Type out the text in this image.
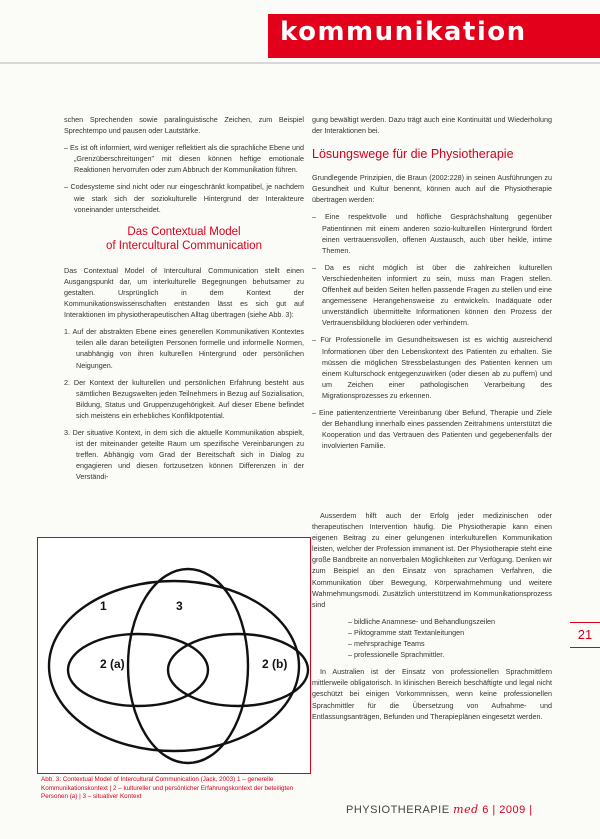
kommunikation

schen Sprechenden sowie paralinguistische Zeichen, zum Beispiel Sprechtempo und pausen oder Lautstärke.

– Es ist oft informiert, wird weniger reflektiert als die sprachliche Ebene und „Grenzüberschreitungen" mit diesen können heftige emotionale Reaktionen hervorrufen oder zum Abbruch der Kommunikation führen.

– Codesysteme sind nicht oder nur eingeschränkt kompatibel, je nachdem wie stark sich der soziokulturelle Hintergrund der Interakteure voneinander unterscheidet.

Das Contextual Model
of Intercultural Communication

Das Contextual Model of Intercultural Communication stellt einen Ausgangspunkt dar, um interkulturelle Begegnungen behutsamer zu gestalten. Ursprünglich in dem Kontext der Kommunikationswissenschaften entstanden lässt es sich gut auf Interaktionen im physiotherapeutischen Alltag übertragen (siehe Abb. 3):

1. Auf der abstrakten Ebene eines generellen Kommunikativen Kontextes teilen alle daran beteiligten Personen formelle und informelle Normen, unabhängig von ihren kulturellen Hintergrund oder persönlichen Neigungen.

2. Der Kontext der kulturellen und persönlichen Erfahrung besteht aus sämtlichen Bezugswelten jeden Teilnehmers in Bezug auf Sozialisation, Bildung, Status und Gruppenzugehörigkeit. Auf dieser Ebene befindet sich meistens ein erhebliches Konfliktpotential.

3. Der situative Kontext, in dem sich die aktuelle Kommunikation abspielt, ist der miteinander geteilte Raum um spezifische Vereinbarungen zu treffen. Abhängig vom Grad der Bereitschaft sich in Dialog zu engagieren und diesen fortzusetzen können Differenzen in der Verständi-

gung bewältigt werden. Dazu trägt auch eine Kontinuität und Wiederholung der Interaktionen bei.

Lösungswege für die Physiotherapie

Grundlegende Prinzipien, die Braun (2002:228) in seinen Ausführungen zu Gesundheit und Kultur benennt, können auch auf die Physiotherapie übertragen werden:

– Eine respektvolle und höfliche Gesprächshaltung gegenüber Patientinnen mit einem anderen sozio-kulturellen Hintergrund fördert einen vertrauensvollen, offenen Austausch, auch über heikle, intime Themen.

– Da es nicht möglich ist über die zahlreichen kulturellen Verschiedenheiten informiert zu sein, muss man Fragen stellen. Offenheit auf beiden Seiten helfen passende Fragen zu stellen und eine angemessene Herangehensweise zu entwickeln. Inadäquate oder unverständlich übermittelte Informationen können den Prozess der Vertrauensbildung blockieren oder verhindern.

– Für Professionelle im Gesundheitswesen ist es wichtig ausreichend Informationen über den Lebenskontext des Patienten zu erhalten. Sie müssen die möglichen Stressbelastungen des Patienten kennen um einem Kulturschock entgegenzuwirken (oder diesen ab zu puffern) und um Zeichen einer pathologischen Verarbeitung des Migrationsprozesses zu erkennen.

– Eine patientenzentrierte Vereinbarung über Befund, Therapie und Ziele der Behandlung innerhalb eines passenden Zeitrahmens unterstützt die Kooperation und das Vertrauen des Patienten und gegebenenfalls der involvierten Familie.

Ausserdem hilft auch der Erfolg jeder medizinischen oder therapeutischen Intervention häufig. Die Physiotherapie kann einen eigenen Beitrag zu einer gelungenen interkulturellen Kommunikation leisten, welcher der Profession immanent ist. Der Physiotherapie steht eine große Bandbreite an nonverbalen Möglichkeiten zur Verfügung. Denken wir zum Beispiel an den Einsatz von sprachamen Verfahren, die Kommunikation über Bewegung, Körperwahrnehmung und weitere Wahrnehmungsmodi. Zusätzlich unterstützend im Kommunikationsprozess sind

– bildliche Anamnese- und Behandlungszeilen

– Piktogramme statt Textanleitungen

– mehrsprachige Teams

– professionelle Sprachmittler.

In Australien ist der Einsatz von professionellen Sprachmittlern mittlerweile obligatorisch. In klinischen Bereich beschäftigte und legal nicht geschützt bei einigen Vorkommnissen, wenn keine professionellen Sprachmittler für die Übersetzung von Aufnahme- und Entlassungsanträgen, Befunden und Therapieplänen eingesetzt werden.

1	3
2 (a)	2 (b)
Abb. 3: Contextual Model of Intercultural Communication (Jack, 2003) 1 – generelle Kommunikationskontext | 2 – kultureller und persönlicher Erfahrungskontext der beteiligten Personen (a) | 3 – situativer Kontext
21
PHYSIOTHERAPIE med 6 | 2009 |
